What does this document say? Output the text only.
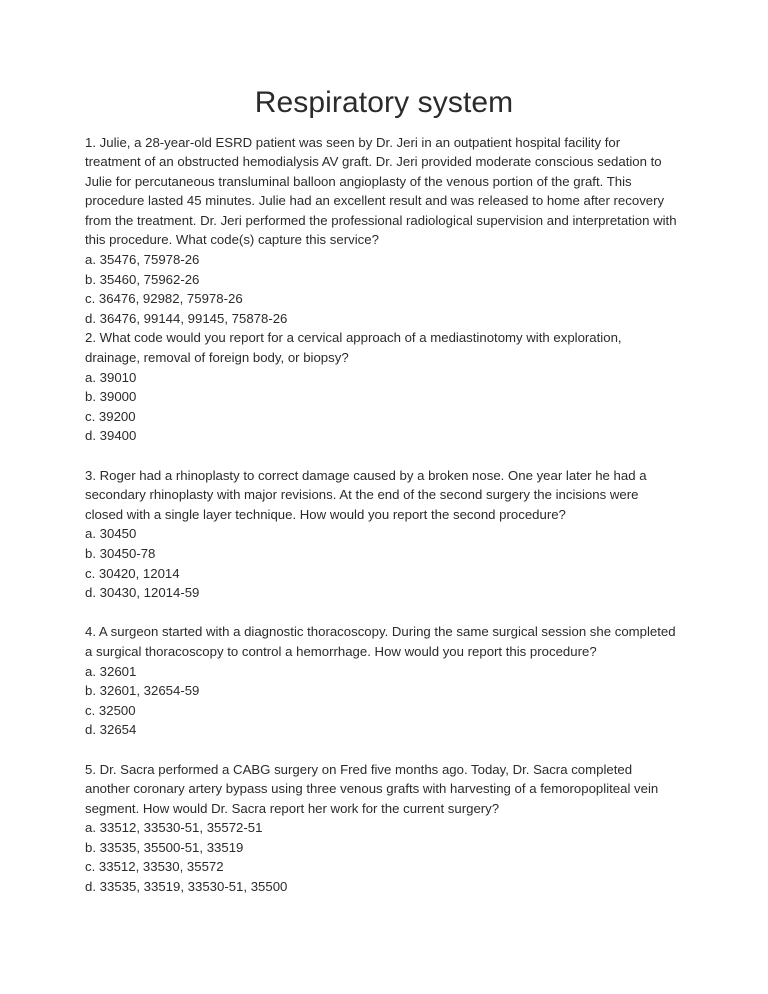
Respiratory system

1. Julie, a 28-year-old ESRD patient was seen by Dr. Jeri in an outpatient hospital facility for treatment of an obstructed hemodialysis AV graft. Dr. Jeri provided moderate conscious sedation to Julie for percutaneous transluminal balloon angioplasty of the venous portion of the graft. This procedure lasted 45 minutes. Julie had an excellent result and was released to home after recovery from the treatment. Dr. Jeri performed the professional radiological supervision and interpretation with this procedure. What code(s) capture this service?

a. 35476, 75978-26

b. 35460, 75962-26

c. 36476, 92982, 75978-26

d. 36476, 99144, 99145, 75878-26

2. What code would you report for a cervical approach of a mediastinotomy with exploration, drainage, removal of foreign body, or biopsy?

a. 39010

b. 39000

c. 39200

d. 39400

3. Roger had a rhinoplasty to correct damage caused by a broken nose. One year later he had a secondary rhinoplasty with major revisions. At the end of the second surgery the incisions were closed with a single layer technique. How would you report the second procedure?

a. 30450

b. 30450-78

c. 30420, 12014

d. 30430, 12014-59

4. A surgeon started with a diagnostic thoracoscopy. During the same surgical session she completed a surgical thoracoscopy to control a hemorrhage. How would you report this procedure?

a. 32601

b. 32601, 32654-59

c. 32500

d. 32654

5. Dr. Sacra performed a CABG surgery on Fred five months ago. Today, Dr. Sacra completed another coronary artery bypass using three venous grafts with harvesting of a femoropopliteal vein segment. How would Dr. Sacra report her work for the current surgery?

a. 33512, 33530-51, 35572-51

b. 33535, 35500-51, 33519

c. 33512, 33530, 35572

d. 33535, 33519, 33530-51, 35500
